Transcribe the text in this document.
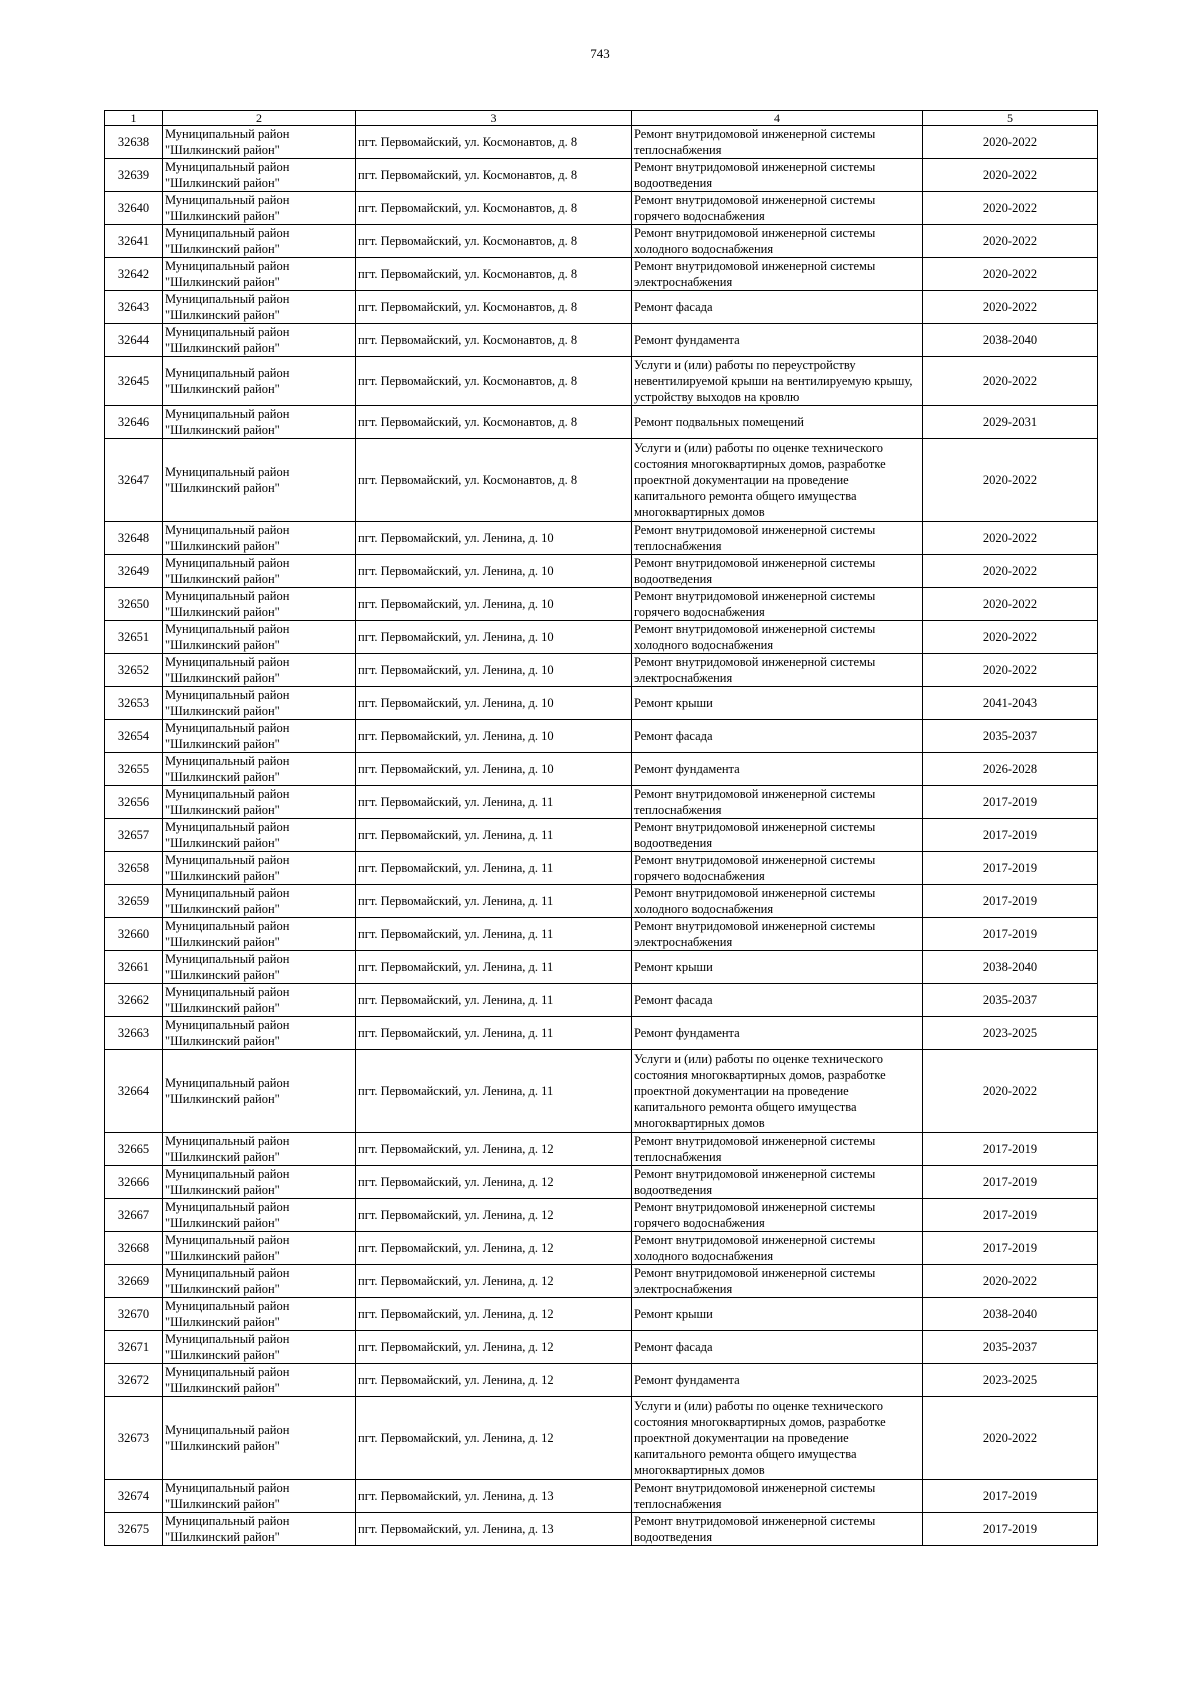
743
1	2	3	4	5
32638	Муниципальный район "Шилкинский район"	пгт. Первомайский, ул. Космонавтов, д. 8	Ремонт внутридомовой инженерной системы теплоснабжения	2020-2022
32639	Муниципальный район "Шилкинский район"	пгт. Первомайский, ул. Космонавтов, д. 8	Ремонт внутридомовой инженерной системы водоотведения	2020-2022
32640	Муниципальный район "Шилкинский район"	пгт. Первомайский, ул. Космонавтов, д. 8	Ремонт внутридомовой инженерной системы горячего водоснабжения	2020-2022
32641	Муниципальный район "Шилкинский район"	пгт. Первомайский, ул. Космонавтов, д. 8	Ремонт внутридомовой инженерной системы холодного водоснабжения	2020-2022
32642	Муниципальный район "Шилкинский район"	пгт. Первомайский, ул. Космонавтов, д. 8	Ремонт внутридомовой инженерной системы электроснабжения	2020-2022
32643	Муниципальный район "Шилкинский район"	пгт. Первомайский, ул. Космонавтов, д. 8	Ремонт фасада	2020-2022
32644	Муниципальный район "Шилкинский район"	пгт. Первомайский, ул. Космонавтов, д. 8	Ремонт фундамента	2038-2040
32645	Муниципальный район "Шилкинский район"	пгт. Первомайский, ул. Космонавтов, д. 8	Услуги и (или) работы по переустройству невентилируемой крыши на вентилируемую крышу, устройству выходов на кровлю	2020-2022
32646	Муниципальный район "Шилкинский район"	пгт. Первомайский, ул. Космонавтов, д. 8	Ремонт подвальных помещений	2029-2031
32647	Муниципальный район "Шилкинский район"	пгт. Первомайский, ул. Космонавтов, д. 8	Услуги и (или) работы по оценке технического состояния многоквартирных домов, разработке проектной документации на проведение капитального ремонта общего имущества многоквартирных домов	2020-2022
32648	Муниципальный район "Шилкинский район"	пгт. Первомайский, ул. Ленина, д. 10	Ремонт внутридомовой инженерной системы теплоснабжения	2020-2022
32649	Муниципальный район "Шилкинский район"	пгт. Первомайский, ул. Ленина, д. 10	Ремонт внутридомовой инженерной системы водоотведения	2020-2022
32650	Муниципальный район "Шилкинский район"	пгт. Первомайский, ул. Ленина, д. 10	Ремонт внутридомовой инженерной системы горячего водоснабжения	2020-2022
32651	Муниципальный район "Шилкинский район"	пгт. Первомайский, ул. Ленина, д. 10	Ремонт внутридомовой инженерной системы холодного водоснабжения	2020-2022
32652	Муниципальный район "Шилкинский район"	пгт. Первомайский, ул. Ленина, д. 10	Ремонт внутридомовой инженерной системы электроснабжения	2020-2022
32653	Муниципальный район "Шилкинский район"	пгт. Первомайский, ул. Ленина, д. 10	Ремонт крыши	2041-2043
32654	Муниципальный район "Шилкинский район"	пгт. Первомайский, ул. Ленина, д. 10	Ремонт фасада	2035-2037
32655	Муниципальный район "Шилкинский район"	пгт. Первомайский, ул. Ленина, д. 10	Ремонт фундамента	2026-2028
32656	Муниципальный район "Шилкинский район"	пгт. Первомайский, ул. Ленина, д. 11	Ремонт внутридомовой инженерной системы теплоснабжения	2017-2019
32657	Муниципальный район "Шилкинский район"	пгт. Первомайский, ул. Ленина, д. 11	Ремонт внутридомовой инженерной системы водоотведения	2017-2019
32658	Муниципальный район "Шилкинский район"	пгт. Первомайский, ул. Ленина, д. 11	Ремонт внутридомовой инженерной системы горячего водоснабжения	2017-2019
32659	Муниципальный район "Шилкинский район"	пгт. Первомайский, ул. Ленина, д. 11	Ремонт внутридомовой инженерной системы холодного водоснабжения	2017-2019
32660	Муниципальный район "Шилкинский район"	пгт. Первомайский, ул. Ленина, д. 11	Ремонт внутридомовой инженерной системы электроснабжения	2017-2019
32661	Муниципальный район "Шилкинский район"	пгт. Первомайский, ул. Ленина, д. 11	Ремонт крыши	2038-2040
32662	Муниципальный район "Шилкинский район"	пгт. Первомайский, ул. Ленина, д. 11	Ремонт фасада	2035-2037
32663	Муниципальный район "Шилкинский район"	пгт. Первомайский, ул. Ленина, д. 11	Ремонт фундамента	2023-2025
32664	Муниципальный район "Шилкинский район"	пгт. Первомайский, ул. Ленина, д. 11	Услуги и (или) работы по оценке технического состояния многоквартирных домов, разработке проектной документации на проведение капитального ремонта общего имущества многоквартирных домов	2020-2022
32665	Муниципальный район "Шилкинский район"	пгт. Первомайский, ул. Ленина, д. 12	Ремонт внутридомовой инженерной системы теплоснабжения	2017-2019
32666	Муниципальный район "Шилкинский район"	пгт. Первомайский, ул. Ленина, д. 12	Ремонт внутридомовой инженерной системы водоотведения	2017-2019
32667	Муниципальный район "Шилкинский район"	пгт. Первомайский, ул. Ленина, д. 12	Ремонт внутридомовой инженерной системы горячего водоснабжения	2017-2019
32668	Муниципальный район "Шилкинский район"	пгт. Первомайский, ул. Ленина, д. 12	Ремонт внутридомовой инженерной системы холодного водоснабжения	2017-2019
32669	Муниципальный район "Шилкинский район"	пгт. Первомайский, ул. Ленина, д. 12	Ремонт внутридомовой инженерной системы электроснабжения	2020-2022
32670	Муниципальный район "Шилкинский район"	пгт. Первомайский, ул. Ленина, д. 12	Ремонт крыши	2038-2040
32671	Муниципальный район "Шилкинский район"	пгт. Первомайский, ул. Ленина, д. 12	Ремонт фасада	2035-2037
32672	Муниципальный район "Шилкинский район"	пгт. Первомайский, ул. Ленина, д. 12	Ремонт фундамента	2023-2025
32673	Муниципальный район "Шилкинский район"	пгт. Первомайский, ул. Ленина, д. 12	Услуги и (или) работы по оценке технического состояния многоквартирных домов, разработке проектной документации на проведение капитального ремонта общего имущества многоквартирных домов	2020-2022
32674	Муниципальный район "Шилкинский район"	пгт. Первомайский, ул. Ленина, д. 13	Ремонт внутридомовой инженерной системы теплоснабжения	2017-2019
32675	Муниципальный район "Шилкинский район"	пгт. Первомайский, ул. Ленина, д. 13	Ремонт внутридомовой инженерной системы водоотведения	2017-2019
